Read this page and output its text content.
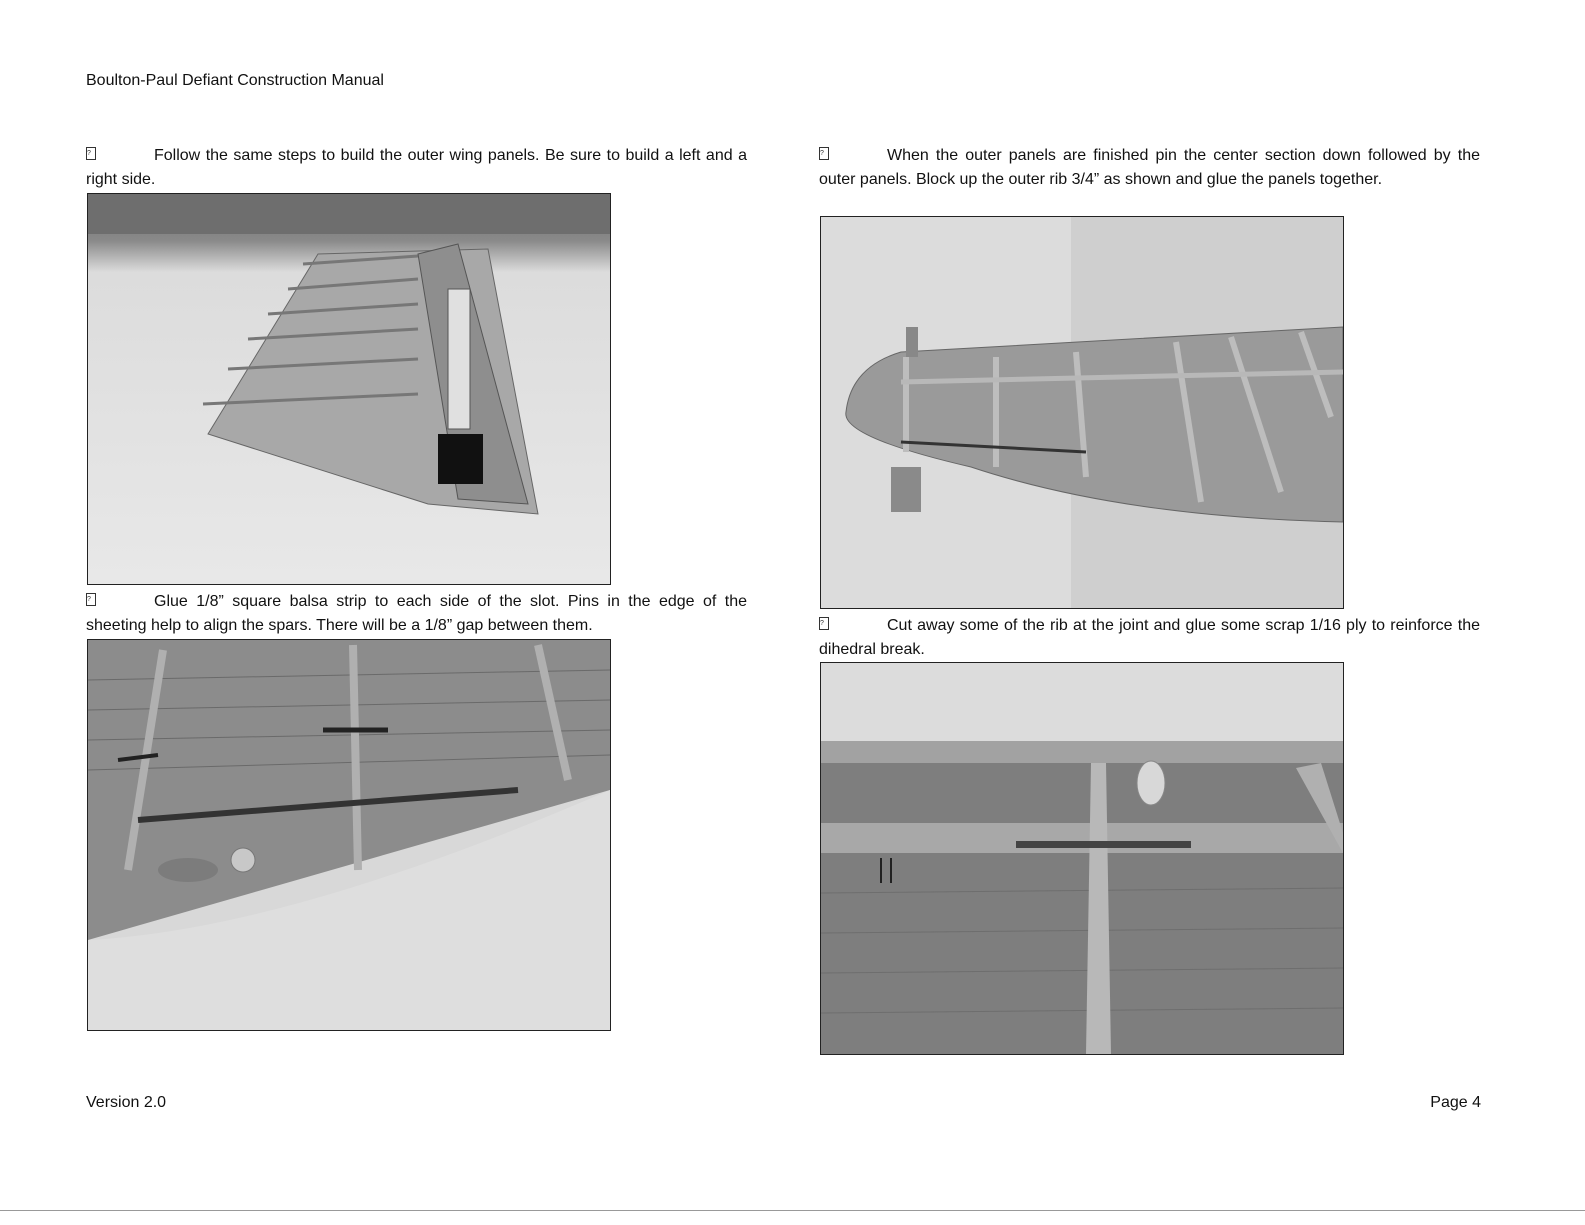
Boulton-Paul Defiant Construction Manual
?	Follow the same steps to build the outer wing panels. Be sure to build a left and a right side.
?	Glue 1/8” square balsa strip to each side of the slot. Pins in the edge of the sheeting help to align the spars. There will be a 1/8” gap between them.
?	When the outer panels are finished pin the center section down followed by the outer panels. Block up the outer rib 3/4” as shown and glue the panels together.
?	Cut away some of the rib at the joint and glue some scrap 1/16 ply to reinforce the dihedral break.
Version 2.0	Page 4
